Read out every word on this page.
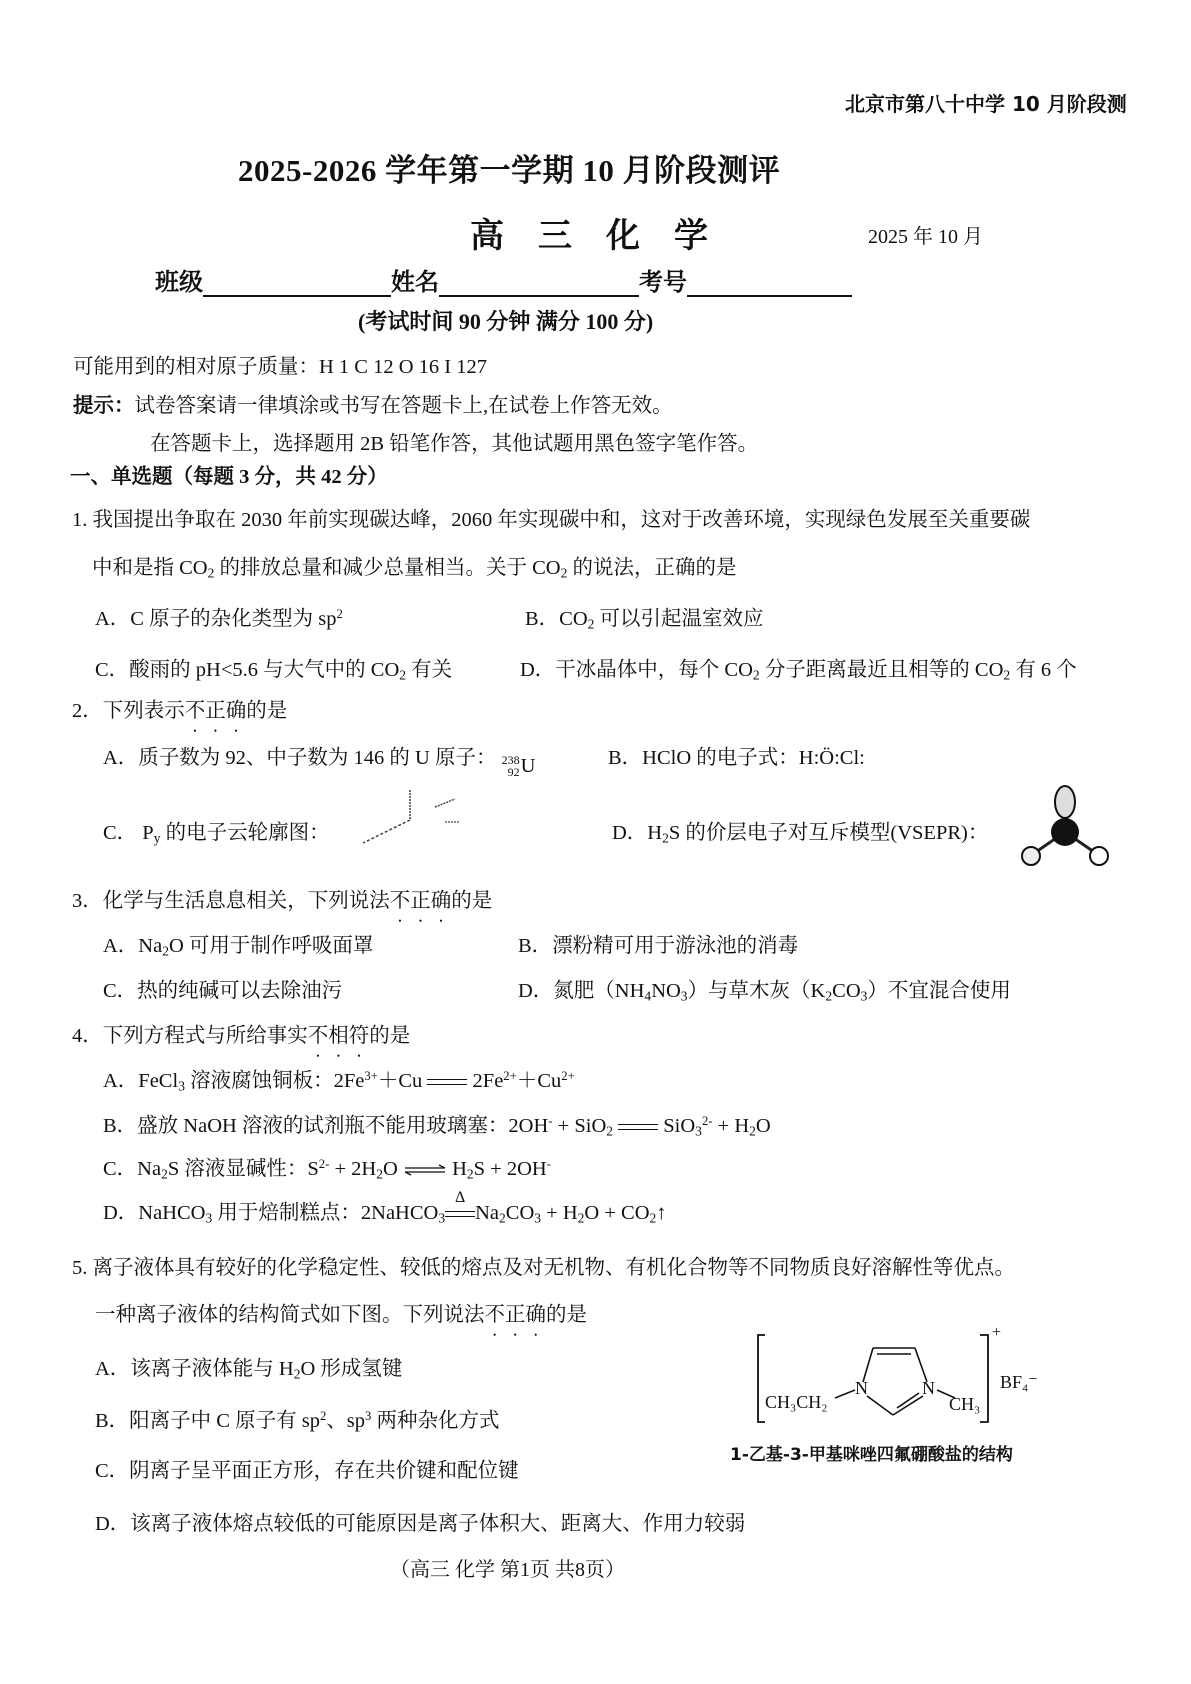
北京市第八十中学 10 月阶段测
2025-2026 学年第一学期 10 月阶段测评
高三化学	2025 年 10 月
班级	姓名	考号
(考试时间 90 分钟 满分 100 分)
可能用到的相对原子质量：H 1 C 12 O 16 I 127
提示：试卷答案请一律填涂或书写在答题卡上,在试卷上作答无效。
在答题卡上，选择题用 2B 铅笔作答，其他试题用黑色签字笔作答。
一、单选题（每题 3 分，共 42 分）
1. 我国提出争取在 2030 年前实现碳达峰，2060 年实现碳中和，这对于改善环境，实现绿色发展至关重要碳
中和是指 $CO_2$ 的排放总量和减少总量相当。关于 $CO_2$ 的说法，正确的是
A．C 原子的杂化类型为 $sp^2$	B．$CO_2$ 可以引起温室效应
C．酸雨的 pH<5.6 与大气中的 $CO_2$ 有关	D．干冰晶体中，每个 $CO_2$ 分子距离最近且相等的 $CO_2$ 有 6 个
2．下列表示不正确的是
A．质子数为 92、中子数为 146 的 U 原子： 238
92 U	B．HClO 的电子式：H:Ö:Cl:
C． $P_y$ 的电子云轮廓图：	D．$H_2S$ 的价层电子对互斥模型(VSEPR)：
3．化学与生活息息相关，下列说法不正确的是
A．$Na_2O$ 可用于制作呼吸面罩	B．漂粉精可用于游泳池的消毒
C．热的纯碱可以去除油污	D．氮肥$(NH_4NO_3)$与草木灰$(K_2CO_3)$不宜混合使用
4．下列方程式与所给事实不相符的是
A．FeCl$_3$ 溶液腐蚀铜板：$2Fe^{3+}+Cu$ $2Fe^{2+}+Cu^{2+}$
B．盛放 NaOH 溶液的试剂瓶不能用玻璃塞：2OH- + SiO$_2$ $SiO_3^{2-} + H_2O$
C．$Na_2S$ 溶液显碱性：$S^{2-} + 2H_2O$ ⇌ $H_2S + 2OH^-$
D．NaHCO$_3$ 用于焙制糕点：2NaHCO$_3$
Δ
$Na_2CO_3 + H_2O$ + $CO_2↑$
5. 离子液体具有较好的化学稳定性、较低的熔点及对无机物、有机化合物等不同物质良好溶解性等优点。
一种离子液体的结构简式如下图。下列说法不正确的是
A．该离子液体能与 $H_2O$ 形成氢键
B．阳离子中 C 原子有 $sp^2$、$sp^3$ 两种杂化方式
C．阴离子呈平面正方形，存在共价键和配位键
D．该离子液体熔点较低的可能原因是离子体积大、距离大、作用力较弱
N	N
CH₃CH₂	CH₃
+
BF₄⁻
1-乙基-3-甲基咪唑四氟硼酸盐的结构
（高三 化学 第1页 共8页）
